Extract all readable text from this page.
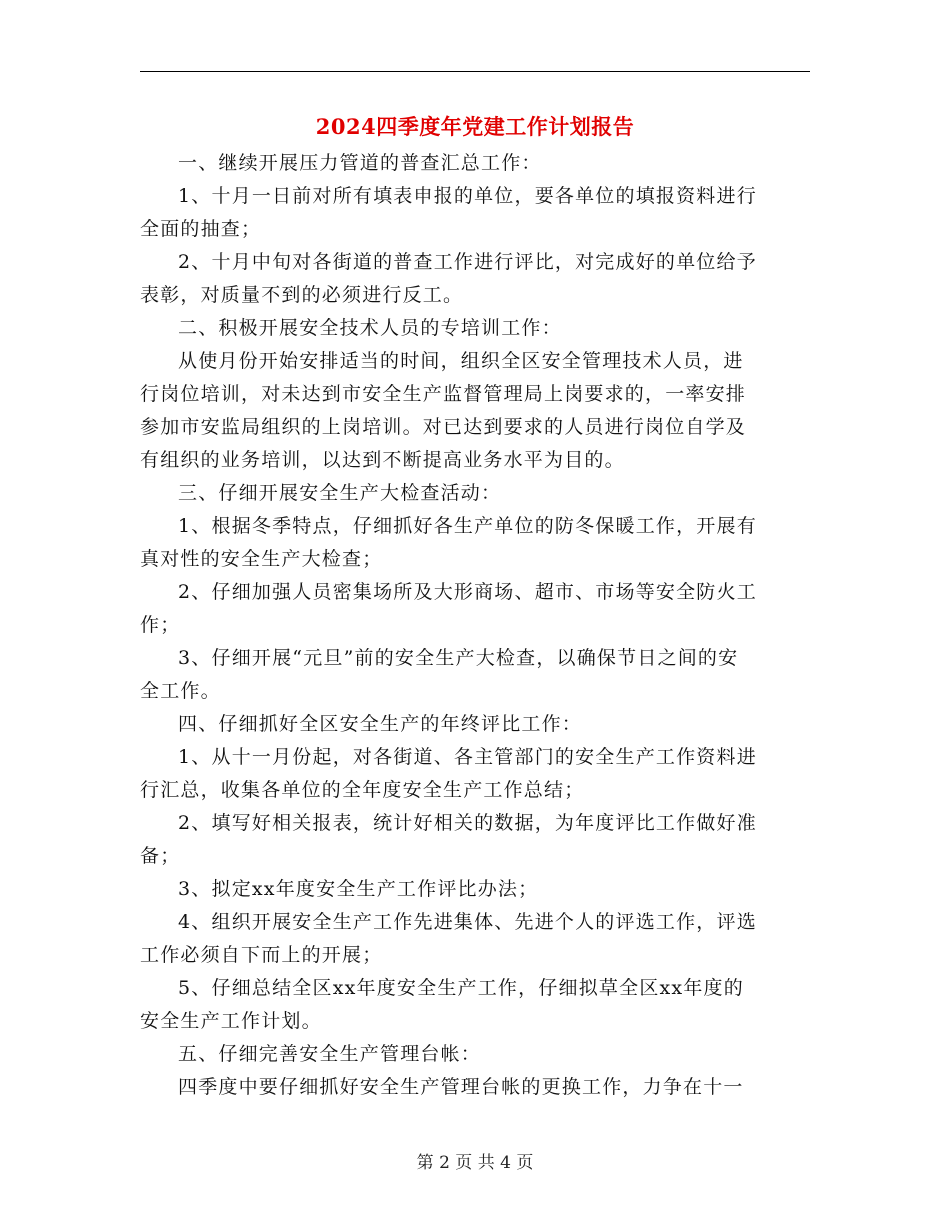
2024四季度年党建工作计划报告

一、继续开展压力管道的普查汇总工作：

1、十月一日前对所有填表申报的单位，要各单位的填报资料进行
全面的抽查；

2、十月中旬对各街道的普查工作进行评比，对完成好的单位给予
表彰，对质量不到的必须进行反工。

二、积极开展安全技术人员的专培训工作：

从使月份开始安排适当的时间，组织全区安全管理技术人员，进
行岗位培训，对未达到市安全生产监督管理局上岗要求的，一率安排
参加市安监局组织的上岗培训。对已达到要求的人员进行岗位自学及
有组织的业务培训，以达到不断提高业务水平为目的。

三、仔细开展安全生产大检查活动：

1、根据冬季特点，仔细抓好各生产单位的防冬保暖工作，开展有
真对性的安全生产大检查；

2、仔细加强人员密集场所及大形商场、超市、市场等安全防火工
作；

3、仔细开展“元旦”前的安全生产大检查，以确保节日之间的安
全工作。

四、仔细抓好全区安全生产的年终评比工作：

1、从十一月份起，对各街道、各主管部门的安全生产工作资料进
行汇总，收集各单位的全年度安全生产工作总结；

2、填写好相关报表，统计好相关的数据，为年度评比工作做好准
备；

3、拟定xx年度安全生产工作评比办法；

4、组织开展安全生产工作先进集体、先进个人的评选工作，评选
工作必须自下而上的开展；

5、仔细总结全区xx年度安全生产工作，仔细拟草全区xx年度的
安全生产工作计划。

五、仔细完善安全生产管理台帐：

四季度中要仔细抓好安全生产管理台帐的更换工作，力争在十一

第 2 页 共 4 页
